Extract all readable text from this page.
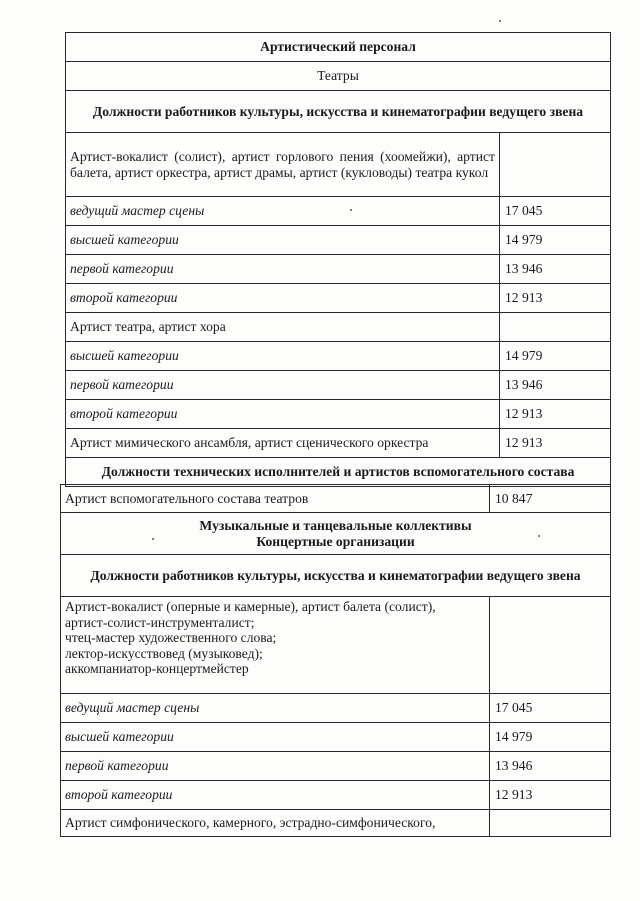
Артистический персонал	
Театры	
Должности работников культуры, искусства и кинематографии ведущего звена	
Артист-вокалист (солист), артист горлового пения (хоомейжи), артист балета, артист оркестра, артист драмы, артист (кукловоды) театра кукол	
ведущий мастер сцены	17 045
высшей категории	14 979
первой категории	13 946
второй категории	12 913
Артист театра, артист хора	
высшей категории	14 979
первой категории	13 946
второй категории	12 913
Артист мимического ансамбля, артист сценического оркестра	12 913
Должности технических исполнителей и артистов вспомогательного состава	
Артист вспомогательного состава театров	10 847
Музыкальные и танцевальные коллективы
Концертные организации	
Должности работников культуры, искусства и кинематографии ведущего звена	
Артист-вокалист (оперные и камерные), артист балета (солист),
артист-солист-инструменталист;
чтец-мастер художественного слова;
лектор-искусствовед (музыковед);
аккомпаниатор-концертмейстер	
ведущий мастер сцены	17 045
высшей категории	14 979
первой категории	13 946
второй категории	12 913
Артист симфонического, камерного, эстрадно-симфонического,	
